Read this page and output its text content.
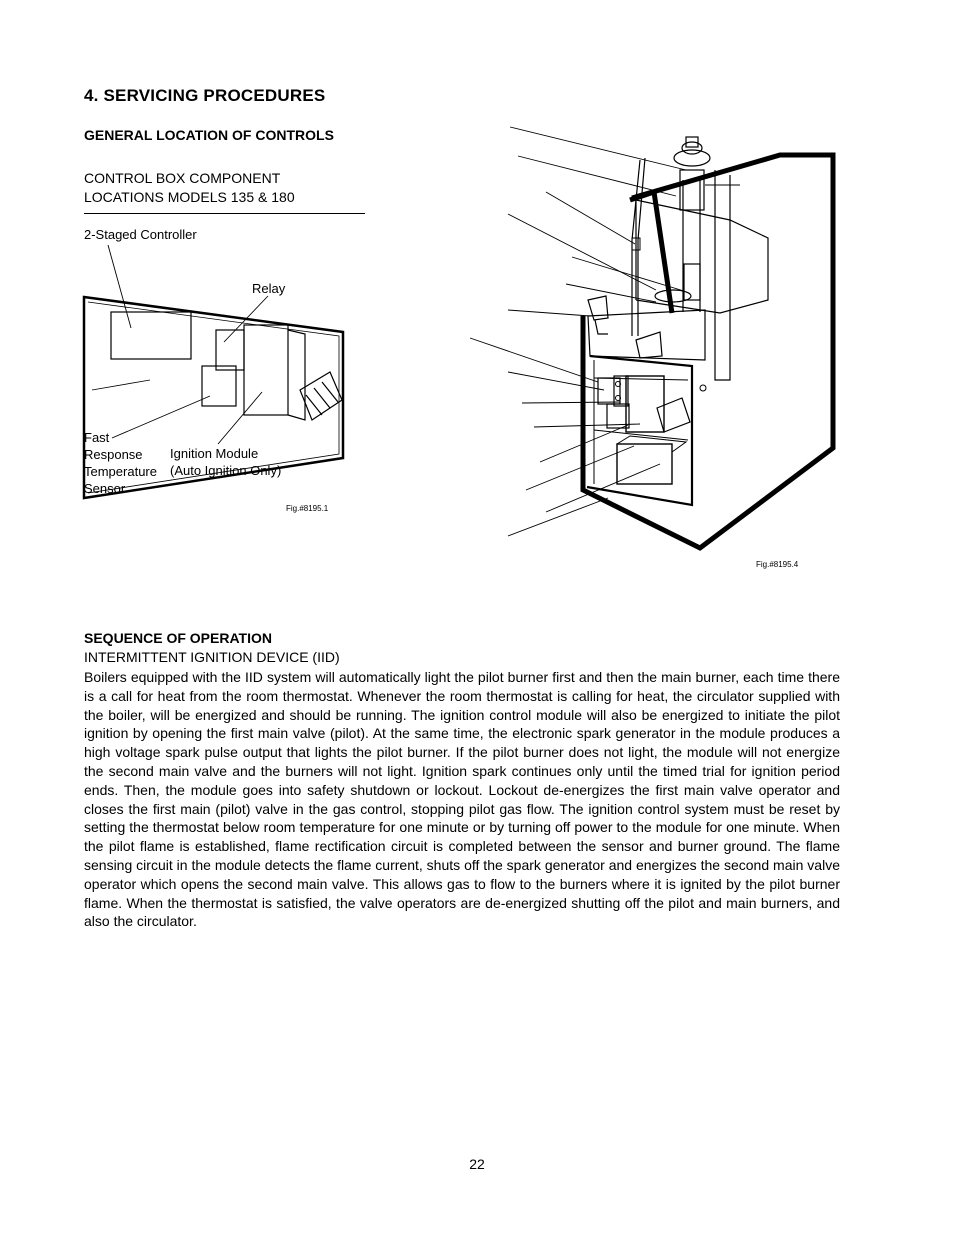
4. SERVICING PROCEDURES
GENERAL LOCATION OF CONTROLS
CONTROL BOX COMPONENT
LOCATIONS MODELS 135 & 180
2-Staged Controller
Relay
Fast
Response
Temperature
Sensor
Ignition Module
(Auto Ignition Only)
Fig.#8195.1
Fig.#8195.4
SEQUENCE OF OPERATION
INTERMITTENT IGNITION DEVICE (IID)

Boilers equipped with the IID system will automatically light the pilot burner first and then the main burner, each time there is a call for heat from the room thermostat. Whenever the room thermostat is calling for heat, the circulator supplied with the boiler, will be energized and should be running. The ignition control module will also be energized to initiate the pilot ignition by opening the first main valve (pilot). At the same time, the electronic spark generator in the module produces a high voltage spark pulse output that lights the pilot burner. If the pilot burner does not light, the module will not energize the second main valve and the burners will not light. Ignition spark continues only until the timed trial for ignition period ends. Then, the module goes into safety shutdown or lockout. Lockout de-energizes the first main valve operator and closes the first main (pilot) valve in the gas control, stopping pilot gas flow. The ignition control system must be reset by setting the thermostat below room temperature for one minute or by turning off power to the module for one minute. When the pilot flame is established, flame rectification circuit is completed between the sensor and burner ground. The flame sensing circuit in the module detects the flame current, shuts off the spark generator and energizes the second main valve operator which opens the second main valve. This allows gas to flow to the burners where it is ignited by the pilot burner flame. When the thermostat is satisfied, the valve operators are de-energized shutting off the pilot and main burners, and also the circulator.

22
